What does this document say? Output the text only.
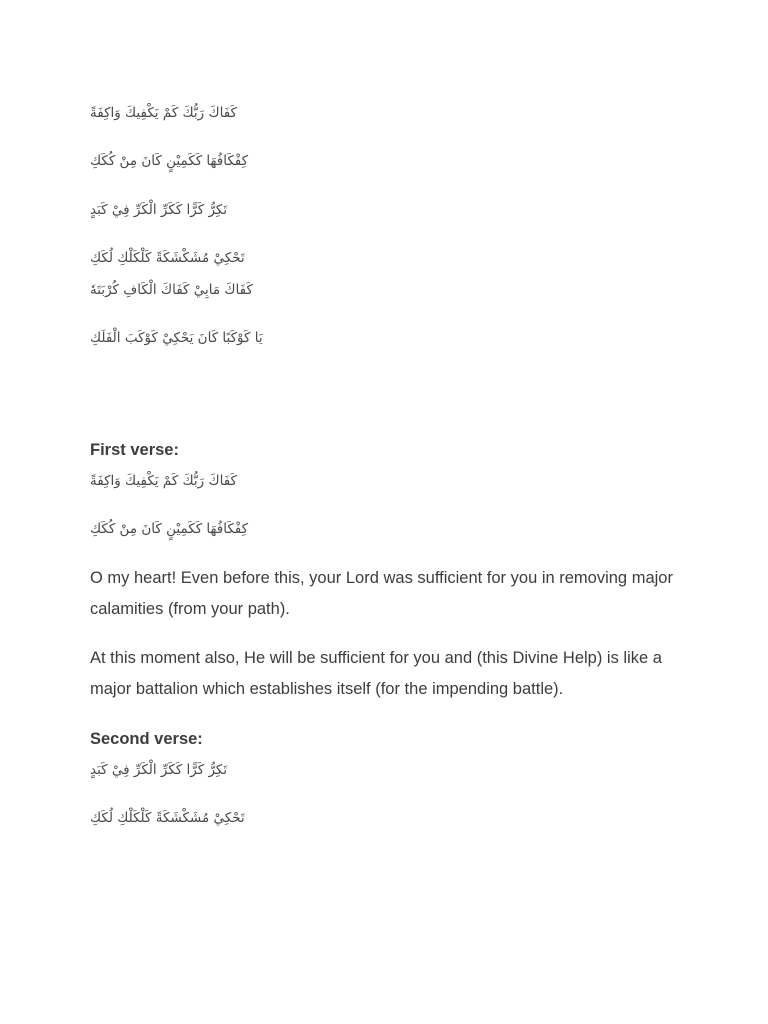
كَفَاكَ رَبُّكَ كَمْ يَكْفِيكَ وَاكِفَةً
كِفْكَافُهَا كَكَمِيْنٍ كَانَ مِنْ كُكَكِ
تَكِرُّ كَرًّا كَكَرِّ الْكَرِّ فِيْ كَبَدٍ
تَحْكِيْ مُشَكْشَكَةً كَلْكَلْكِ لُكَكِ
كَفَاكَ مَابِيْ كَفَاكَ الْكَافِ كُرْبَتَهٗ
يَا كَوْكَبًا كَانَ يَحْكِيْ كَوْكَبَ الْفَلَكِ
First verse:
كَفَاكَ رَبُّكَ كَمْ يَكْفِيكَ وَاكِفَةً
كِفْكَافُهَا كَكَمِيْنٍ كَانَ مِنْ كُكَكِ

O my heart! Even before this, your Lord was sufficient for you in removing major calamities (from your path).

At this moment also, He will be sufficient for you and (this Divine Help) is like a major battalion which establishes itself (for the impending battle).

Second verse:
تَكِرُّ كَرًّا كَكَرِّ الْكَرِّ فِيْ كَبَدٍ
تَحْكِيْ مُشَكْشَكَةً كَلْكَلْكِ لُكَكِ
